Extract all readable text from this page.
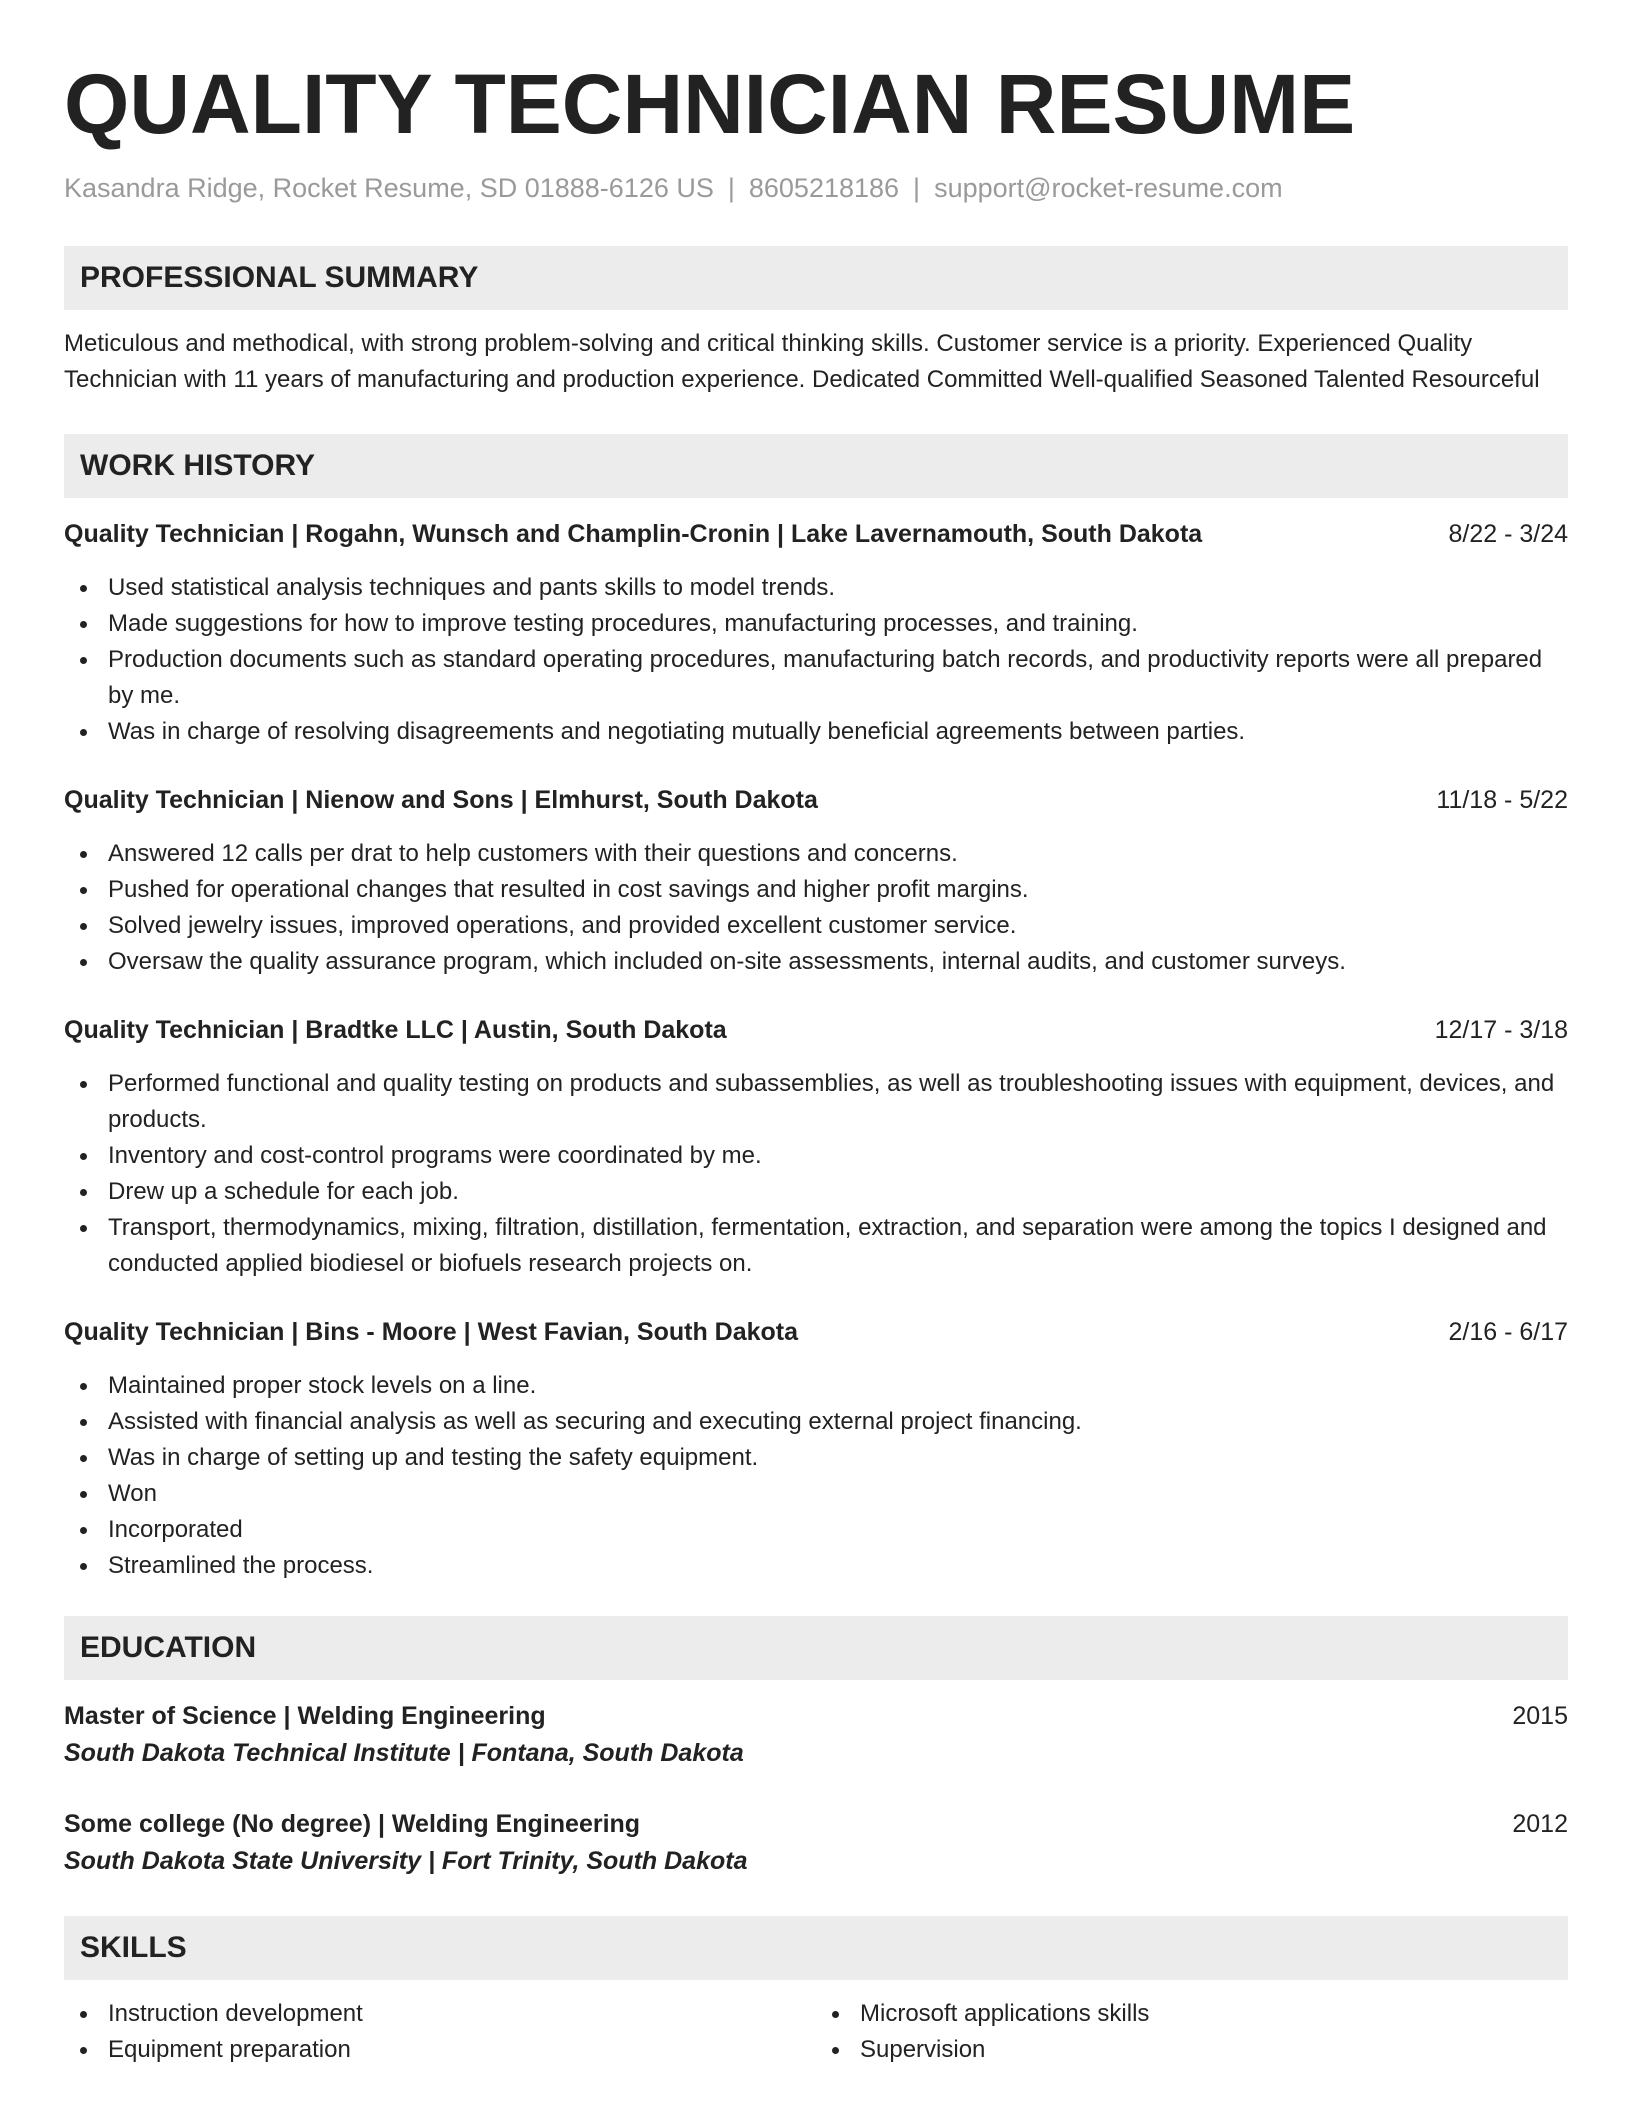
QUALITY TECHNICIAN RESUME
Kasandra Ridge, Rocket Resume, SD 01888-6126 US | 8605218186 | support@rocket-resume.com
PROFESSIONAL SUMMARY

Meticulous and methodical, with strong problem-solving and critical thinking skills. Customer service is a priority. Experienced Quality Technician with 11 years of manufacturing and production experience. Dedicated Committed Well-qualified Seasoned Talented Resourceful

WORK HISTORY
Quality Technician | Rogahn, Wunsch and Champlin-Cronin | Lake Lavernamouth, South Dakota	8/22 - 3/24
Used statistical analysis techniques and pants skills to model trends.
Made suggestions for how to improve testing procedures, manufacturing processes, and training.
Production documents such as standard operating procedures, manufacturing batch records, and productivity reports were all prepared by me.
Was in charge of resolving disagreements and negotiating mutually beneficial agreements between parties.
Quality Technician | Nienow and Sons | Elmhurst, South Dakota	11/18 - 5/22
Answered 12 calls per drat to help customers with their questions and concerns.
Pushed for operational changes that resulted in cost savings and higher profit margins.
Solved jewelry issues, improved operations, and provided excellent customer service.
Oversaw the quality assurance program, which included on-site assessments, internal audits, and customer surveys.
Quality Technician | Bradtke LLC | Austin, South Dakota	12/17 - 3/18
Performed functional and quality testing on products and subassemblies, as well as troubleshooting issues with equipment, devices, and products.
Inventory and cost-control programs were coordinated by me.
Drew up a schedule for each job.
Transport, thermodynamics, mixing, filtration, distillation, fermentation, extraction, and separation were among the topics I designed and conducted applied biodiesel or biofuels research projects on.
Quality Technician | Bins - Moore | West Favian, South Dakota	2/16 - 6/17
Maintained proper stock levels on a line.
Assisted with financial analysis as well as securing and executing external project financing.
Was in charge of setting up and testing the safety equipment.
Won
Incorporated
Streamlined the process.
EDUCATION
Master of Science | Welding Engineering	2015
South Dakota Technical Institute | Fontana, South Dakota
Some college (No degree) | Welding Engineering	2012
South Dakota State University | Fort Trinity, South Dakota
SKILLS
Instruction development
Equipment preparation
Microsoft applications skills
Supervision
